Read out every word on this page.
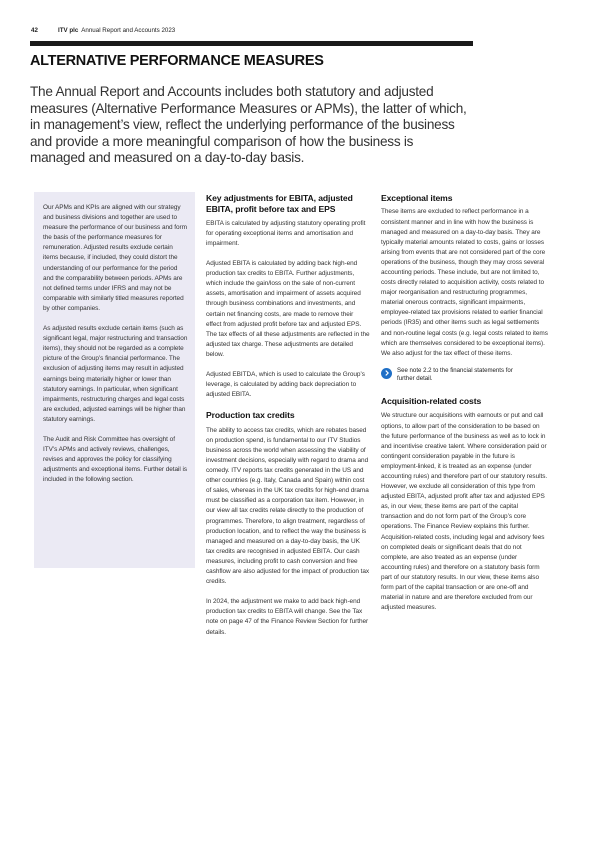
42	ITV plc Annual Report and Accounts 2023
ALTERNATIVE PERFORMANCE MEASURES

The Annual Report and Accounts includes both statutory and adjusted measures (Alternative Performance Measures or APMs), the latter of which, in management’s view, reflect the underlying performance of the business and provide a more meaningful comparison of how the business is managed and measured on a day-to-day basis.

Our APMs and KPIs are aligned with our strategy and business divisions and together are used to measure the performance of our business and form the basis of the performance measures for remuneration. Adjusted results exclude certain items because, if included, they could distort the understanding of our performance for the period and the comparability between periods. APMs are not defined terms under IFRS and may not be comparable with similarly titled measures reported by other companies.

As adjusted results exclude certain items (such as significant legal, major restructuring and transaction items), they should not be regarded as a complete picture of the Group’s financial performance. The exclusion of adjusting items may result in adjusted earnings being materially higher or lower than statutory earnings. In particular, when significant impairments, restructuring charges and legal costs are excluded, adjusted earnings will be higher than statutory earnings.

The Audit and Risk Committee has oversight of ITV’s APMs and actively reviews, challenges, revises and approves the policy for classifying adjustments and exceptional items. Further detail is included in the following section.

Key adjustments for EBITA, adjusted EBITA, profit before tax and EPS

EBITA is calculated by adjusting statutory operating profit for operating exceptional items and amortisation and impairment.

Adjusted EBITA is calculated by adding back high-end production tax credits to EBITA. Further adjustments, which include the gain/loss on the sale of non-current assets, amortisation and impairment of assets acquired through business combinations and investments, and certain net financing costs, are made to remove their effect from adjusted profit before tax and adjusted EPS. The tax effects of all these adjustments are reflected in the adjusted tax charge. These adjustments are detailed below.

Adjusted EBITDA, which is used to calculate the Group’s leverage, is calculated by adding back depreciation to adjusted EBITA.

Production tax credits

The ability to access tax credits, which are rebates based on production spend, is fundamental to our ITV Studios business across the world when assessing the viability of investment decisions, especially with regard to drama and comedy. ITV reports tax credits generated in the US and other countries (e.g. Italy, Canada and Spain) within cost of sales, whereas in the UK tax credits for high-end drama must be classified as a corporation tax item. However, in our view all tax credits relate directly to the production of programmes. Therefore, to align treatment, regardless of production location, and to reflect the way the business is managed and measured on a day-to-day basis, the UK tax credits are recognised in adjusted EBITA. Our cash measures, including profit to cash conversion and free cashflow are also adjusted for the impact of production tax credits.

In 2024, the adjustment we make to add back high-end production tax credits to EBITA will change. See the Tax note on page 47 of the Finance Review Section for further details.

Exceptional items

These items are excluded to reflect performance in a consistent manner and in line with how the business is managed and measured on a day-to-day basis. They are typically material amounts related to costs, gains or losses arising from events that are not considered part of the core operations of the business, though they may cross several accounting periods. These include, but are not limited to, costs directly related to acquisition activity, costs related to major reorganisation and restructuring programmes, material onerous contracts, significant impairments, employee-related tax provisions related to earlier financial periods (IR35) and other items such as legal settlements and non-routine legal costs (e.g. legal costs related to items which are themselves considered to be exceptional items). We also adjust for the tax effect of these items.

See note 2.2 to the financial statements for further detail.
Acquisition-related costs

We structure our acquisitions with earnouts or put and call options, to allow part of the consideration to be based on the future performance of the business as well as to lock in and incentivise creative talent. Where consideration paid or contingent consideration payable in the future is employment-linked, it is treated as an expense (under accounting rules) and therefore part of our statutory results. However, we exclude all consideration of this type from adjusted EBITA, adjusted profit after tax and adjusted EPS as, in our view, these items are part of the capital transaction and do not form part of the Group’s core operations. The Finance Review explains this further. Acquisition-related costs, including legal and advisory fees on completed deals or significant deals that do not complete, are also treated as an expense (under accounting rules) and therefore on a statutory basis form part of our statutory results. In our view, these items also form part of the capital transaction or are one-off and material in nature and are therefore excluded from our adjusted measures.
